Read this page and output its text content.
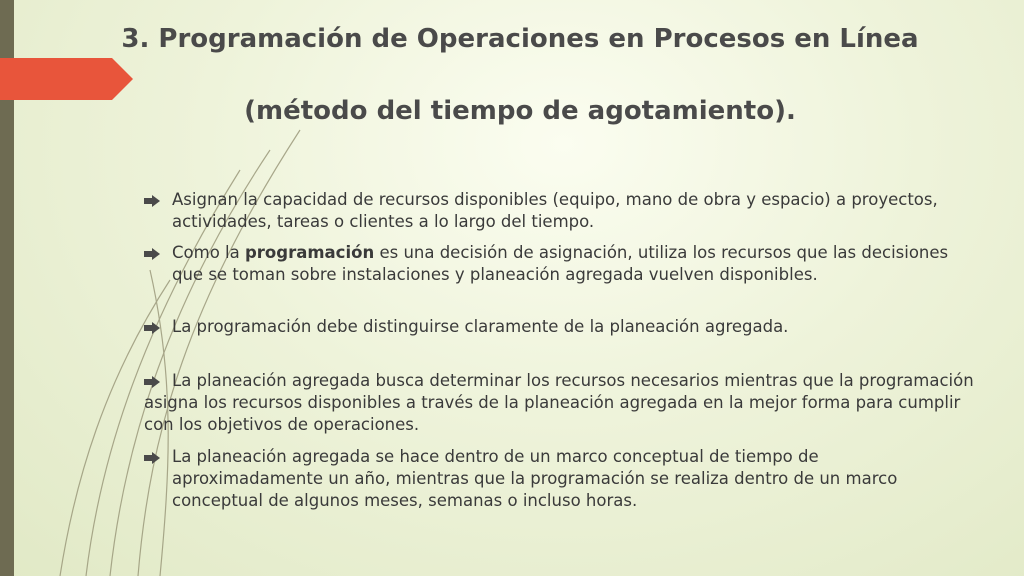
3. Programación de Operaciones en Procesos en Línea
(método del tiempo de agotamiento).
Asignan la capacidad de recursos disponibles (equipo, mano de obra y espacio) a proyectos, actividades, tareas o clientes a lo largo del tiempo.
Como la programación es una decisión de asignación, utiliza los recursos que las decisiones que se toman sobre instalaciones y planeación agregada vuelven disponibles.
La programación debe distinguirse claramente de la planeación agregada.
La planeación agregada busca determinar los recursos necesarios mientras que la programación asigna los recursos disponibles a través de la planeación agregada en la mejor forma para cumplir con los objetivos de operaciones.
La planeación agregada se hace dentro de un marco conceptual de tiempo de aproximadamente un año, mientras que la programación se realiza dentro de un marco conceptual de algunos meses, semanas o incluso horas.
